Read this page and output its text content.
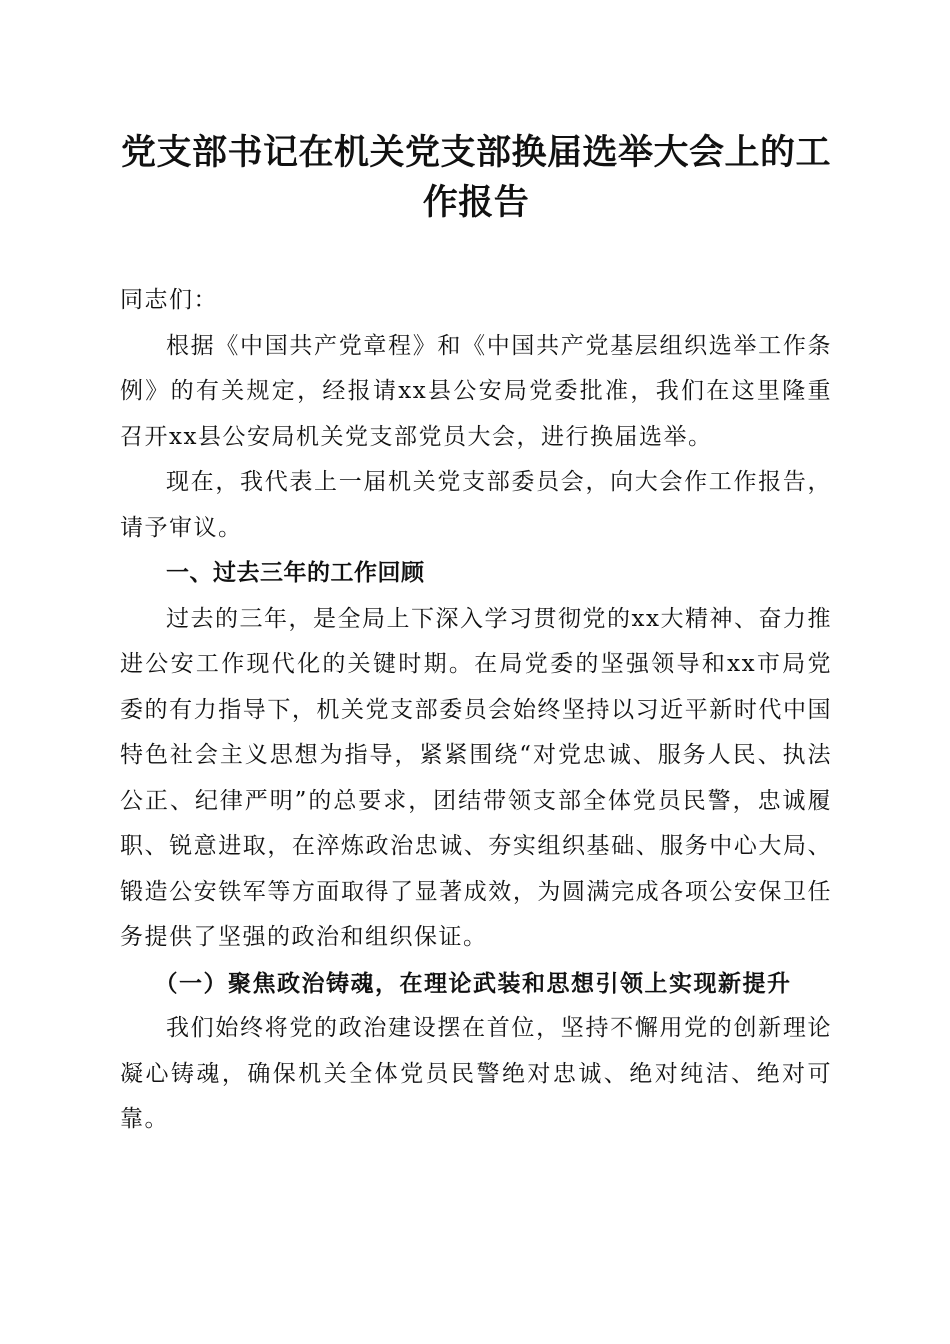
党支部书记在机关党支部换届选举大会上的工
作报告

同志们：

根据《中国共产党章程》和《中国共产党基层组织选举工作条例》的有关规定，经报请xx县公安局党委批准，我们在这里隆重召开xx县公安局机关党支部党员大会，进行换届选举。

现在，我代表上一届机关党支部委员会，向大会作工作报告，请予审议。

一、过去三年的工作回顾

过去的三年，是全局上下深入学习贯彻党的xx大精神、奋力推进公安工作现代化的关键时期。在局党委的坚强领导和xx市局党委的有力指导下，机关党支部委员会始终坚持以习近平新时代中国特色社会主义思想为指导，紧紧围绕“对党忠诚、服务人民、执法公正、纪律严明”的总要求，团结带领支部全体党员民警，忠诚履职、锐意进取，在淬炼政治忠诚、夯实组织基础、服务中心大局、锻造公安铁军等方面取得了显著成效，为圆满完成各项公安保卫任务提供了坚强的政治和组织保证。

（一）聚焦政治铸魂，在理论武装和思想引领上实现新提升

我们始终将党的政治建设摆在首位，坚持不懈用党的创新理论凝心铸魂，确保机关全体党员民警绝对忠诚、绝对纯洁、绝对可靠。
